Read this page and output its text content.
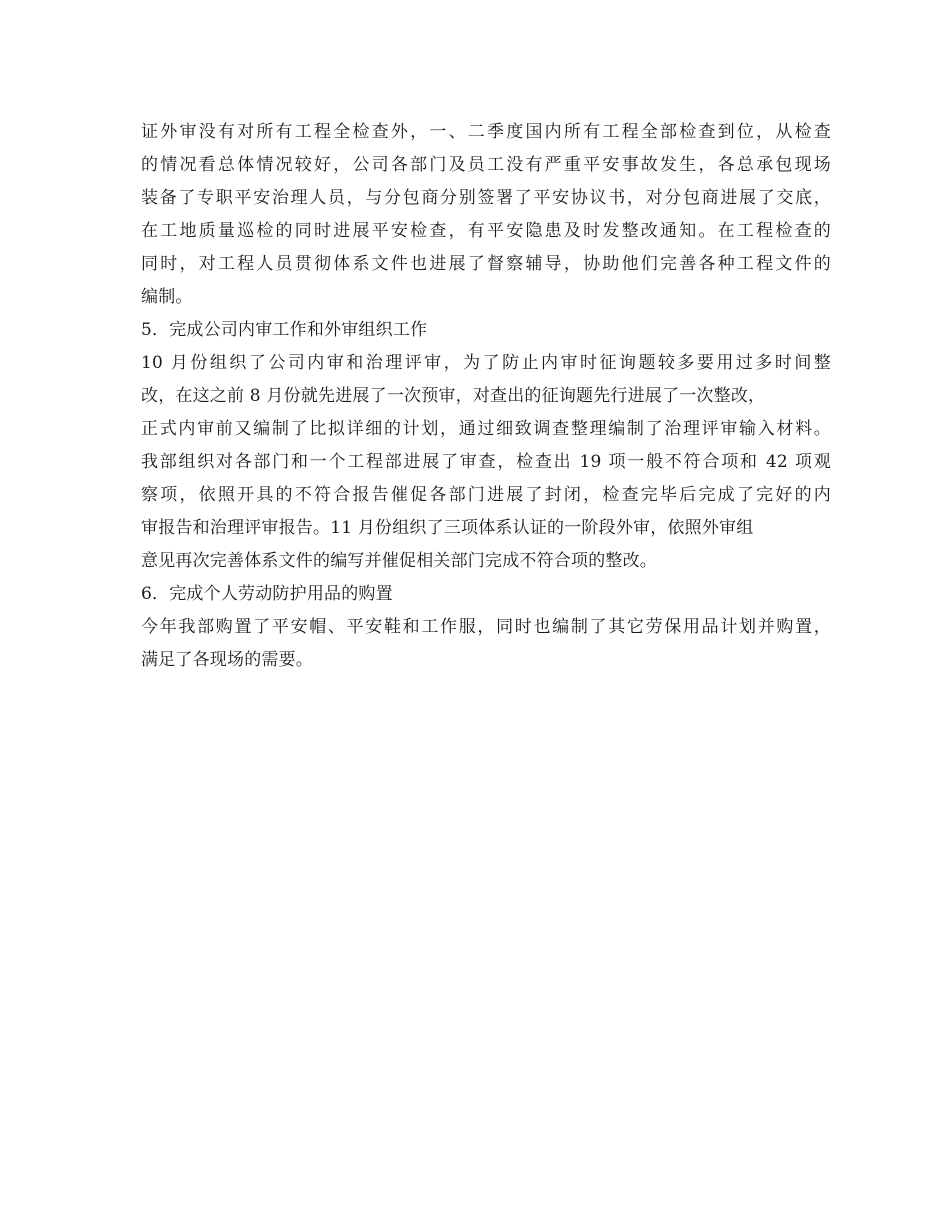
证外审没有对所有工程全检查外，一、二季度国内所有工程全部检查到位，从检查
的情况看总体情况较好，公司各部门及员工没有严重平安事故发生，各总承包现场
装备了专职平安治理人员，与分包商分别签署了平安协议书，对分包商进展了交底，
在工地质量巡检的同时进展平安检查，有平安隐患及时发整改通知。在工程检查的
同时，对工程人员贯彻体系文件也进展了督察辅导，协助他们完善各种工程文件的
编制。
5．完成公司内审工作和外审组织工作
10 月份组织了公司内审和治理评审，为了防止内审时征询题较多要用过多时间整
改，在这之前 8 月份就先进展了一次预审，对查出的征询题先行进展了一次整改，
正式内审前又编制了比拟详细的计划，通过细致调查整理编制了治理评审输入材料。
我部组织对各部门和一个工程部进展了审查，检查出 19 项一般不符合项和 42 项观
察项，依照开具的不符合报告催促各部门进展了封闭，检查完毕后完成了完好的内
审报告和治理评审报告。11 月份组织了三项体系认证的一阶段外审，依照外审组
意见再次完善体系文件的编写并催促相关部门完成不符合项的整改。
6．完成个人劳动防护用品的购置
今年我部购置了平安帽、平安鞋和工作服，同时也编制了其它劳保用品计划并购置，
满足了各现场的需要。
